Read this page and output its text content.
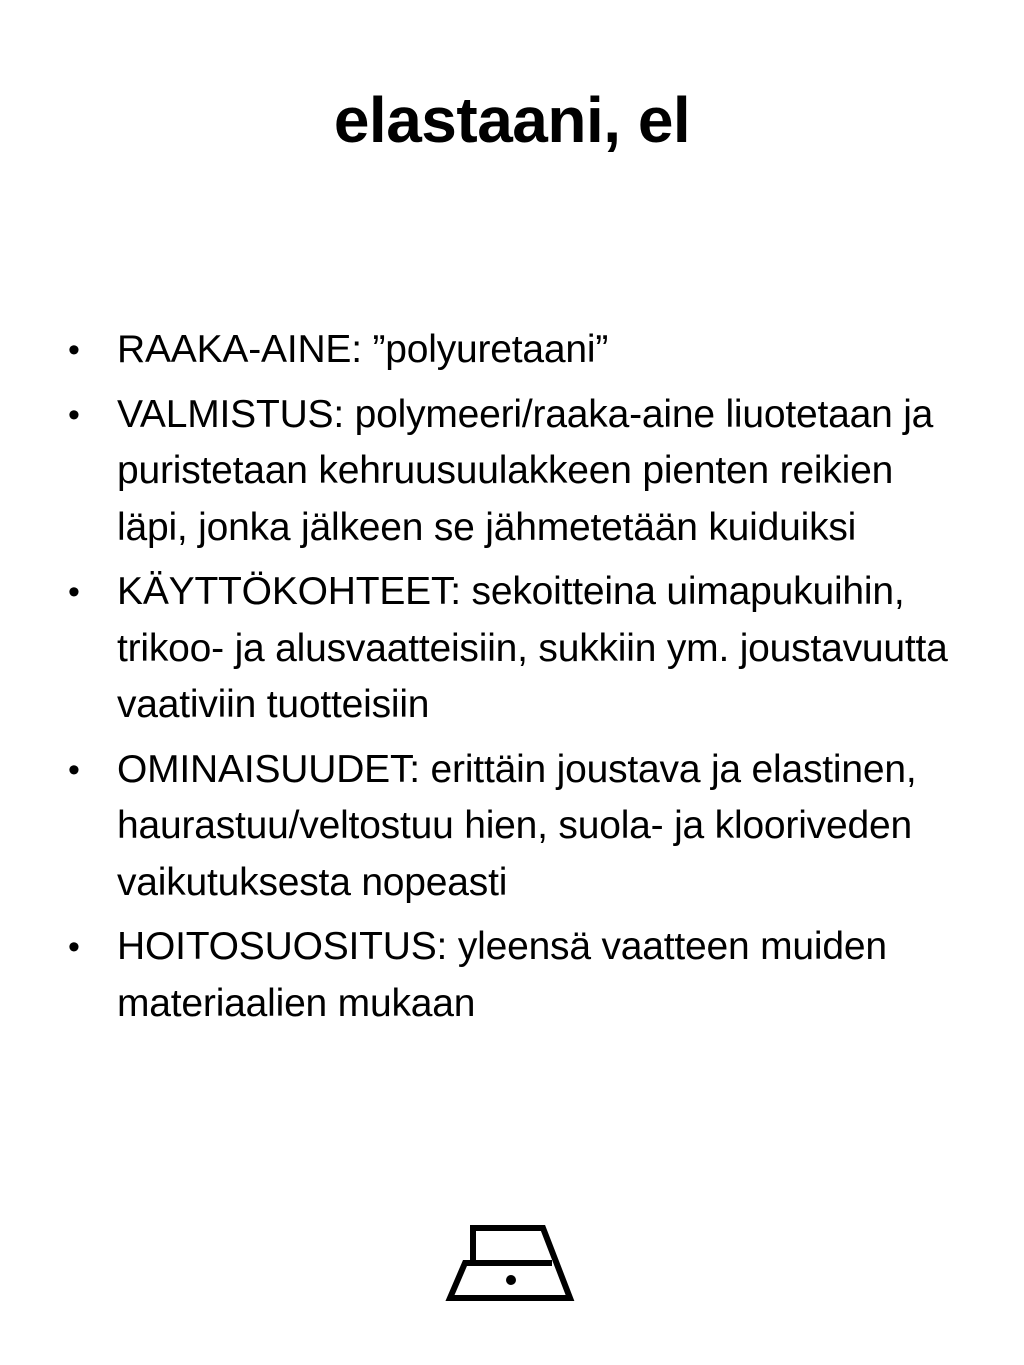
elastaani, el
• RAAKA-AINE: ”polyuretaani”
• VALMISTUS: polymeeri/raaka-aine liuotetaan ja puristetaan kehruusuulakkeen pienten reikien läpi, jonka jälkeen se jähmetetään kuiduiksi
• KÄYTTÖKOHTEET: sekoitteina uimapukuihin, trikoo- ja alusvaatteisiin, sukkiin ym. joustavuutta vaativiin tuotteisiin
• OMINAISUUDET: erittäin joustava ja elastinen, haurastuu/veltostuu hien, suola- ja klooriveden vaikutuksesta nopeasti
• HOITOSUOSITUS: yleensä vaatteen muiden materiaalien mukaan
